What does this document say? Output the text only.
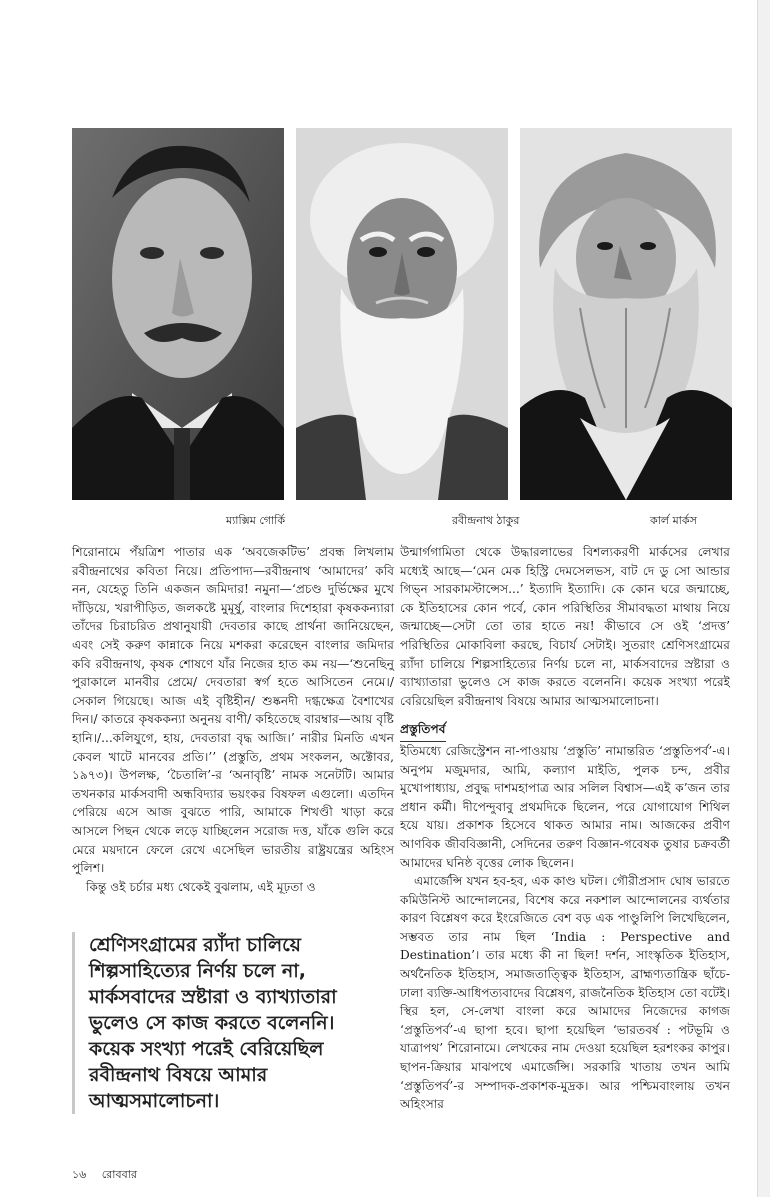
ম্যাক্সিম গোর্কি	রবীন্দ্রনাথ ঠাকুর	কার্ল মার্কস

শিরোনামে পঁয়ত্রিশ পাতার এক ‘অবজেকটিভ’ প্রবন্ধ লিখলাম রবীন্দ্রনাথের কবিতা নিয়ে। প্রতিপাদ্য—রবীন্দ্রনাথ ‘আমাদের’ কবি নন, যেহেতু তিনি একজন জমিদার! নমুনা—‘প্রচণ্ড দুর্ভিক্ষের মুখে দাঁড়িয়ে, খরাপীড়িত, জলকষ্টে মুমূর্ষু, বাংলার দিশেহারা কৃষককন্যারা তাঁদের চিরাচরিত প্রথানুযায়ী দেবতার কাছে প্রার্থনা জানিয়েছেন, এবং সেই করুণ কান্নাকে নিয়ে মশকরা করেছেন বাংলার জমিদার কবি রবীন্দ্রনাথ, কৃষক শোষণে যাঁর নিজের হাত কম নয়—‘শুনেছিনু পুরাকালে মানবীর প্রেমে/ দেবতারা স্বর্গ হতে আসিতেন নেমে।/ সেকাল গিয়েছে। আজ এই বৃষ্টিহীন/ শুষ্কনদী দগ্ধক্ষেত্র বৈশাখের দিন।/ কাতরে কৃষককন্যা অনুনয় বাণী/ কহিতেছে বারম্বার—আয় বৃষ্টি হানি।/...কলিযুগে, হায়, দেবতারা বৃদ্ধ আজি।’ নারীর মিনতি এখন কেবল খাটে মানবের প্রতি।’’ (প্রস্তুতি, প্রথম সংকলন, অক্টোবর, ১৯৭৩)। উপলক্ষ, ‘চৈতালি’-র ‘অনাবৃষ্টি’ নামক সনেটটি। আমার তখনকার মার্কসবাদী অন্ধবিদ্যার ভয়ংকর বিষফল এগুলো। এতদিন পেরিয়ে এসে আজ বুঝতে পারি, আমাকে শিখণ্ডী খাড়া করে আসলে পিছন থেকে লড়ে যাচ্ছিলেন সরোজ দত্ত, যাঁকে গুলি করে মেরে ময়দানে ফেলে রেখে এসেছিল ভারতীয় রাষ্ট্রযন্ত্রের অহিংস পুলিশ।

কিন্তু ওই চর্চার মধ্য থেকেই বুঝলাম, এই মূঢ়তা ও

শ্রেণিসংগ্রামের র‍্যাঁদা চালিয়ে
শিল্পসাহিত্যের নির্ণয় চলে না,
মার্কসবাদের স্রষ্টারা ও ব্যাখ্যাতারা
ভুলেও সে কাজ করতে বলেননি।
কয়েক সংখ্যা পরেই বেরিয়েছিল
রবীন্দ্রনাথ বিষয়ে আমার
আত্মসমালোচনা।

উন্মার্গগামিতা থেকে উদ্ধারলাভের বিশল্যকরণী মার্কসের লেখার মধ্যেই আছে—‘মেন মেক হিস্ট্রি দেমসেলভস, বাট দে ডু সো আন্ডার গিভ্‌ন সারকামস্টান্সেস...’ ইত্যাদি ইত্যাদি। কে কোন ঘরে জন্মাচ্ছে, কে ইতিহাসের কোন পর্বে, কোন পরিস্থিতির সীমাবদ্ধতা মাথায় নিয়ে জন্মাচ্ছে—সেটা তো তার হাতে নয়! কীভাবে সে ওই ‘প্রদত্ত’ পরিস্থিতির মোকাবিলা করছে, বিচার্য সেটাই। সুতরাং শ্রেণিসংগ্রামের র‍্যাঁদা চালিয়ে শিল্পসাহিত্যের নির্ণয় চলে না, মার্কসবাদের স্রষ্টারা ও ব্যাখ্যাতারা ভুলেও সে কাজ করতে বলেননি। কয়েক সংখ্যা পরেই বেরিয়েছিল রবীন্দ্রনাথ বিষয়ে আমার আত্মসমালোচনা।

প্রস্তুতিপর্ব

ইতিমধ্যে রেজিস্ট্রেশন না-পাওয়ায় ‘প্রস্তুতি’ নামান্তরিত ‘প্রস্তুতিপর্ব’-এ। অনুপম মজুমদার, আমি, কল্যাণ মাইতি, পুলক চন্দ, প্রবীর মুখোপাধ্যায়, প্রবুদ্ধ দাশমহাপাত্র আর সলিল বিশ্বাস—এই ক’জন তার প্রধান কর্মী। দীপেন্দুবাবু প্রথমদিকে ছিলেন, পরে যোগাযোগ শিথিল হয়ে যায়। প্রকাশক হিসেবে থাকত আমার নাম। আজকের প্রবীণ আণবিক জীববিজ্ঞানী, সেদিনের তরুণ বিজ্ঞান-গবেষক তুষার চক্রবর্তী আমাদের ঘনিষ্ঠ বৃত্তের লোক ছিলেন।

এমার্জেন্সি যখন হব-হব, এক কাণ্ড ঘটল। গৌরীপ্রসাদ ঘোষ ভারতে কমিউনিস্ট আন্দোলনের, বিশেষ করে নকশাল আন্দোলনের ব্যর্থতার কারণ বিশ্লেষণ করে ইংরেজিতে বেশ বড় এক পাণ্ডুলিপি লিখেছিলেন, সম্ভবত তার নাম ছিল ‘India : Perspective and Destination’। তার মধ্যে কী না ছিল! দর্শন, সাংস্কৃতিক ইতিহাস, অর্থনৈতিক ইতিহাস, সমাজতাত্ত্বিক ইতিহাস, ব্রাহ্মণ্যতান্ত্রিক ছাঁচে-ঢালা ব্যক্তি-আধিপত্যবাদের বিশ্লেষণ, রাজনৈতিক ইতিহাস তো বটেই। স্থির হল, সে-লেখা বাংলা করে আমাদের নিজেদের কাগজ ‘প্রস্তুতিপর্ব’-এ ছাপা হবে। ছাপা হয়েছিল ‘ভারতবর্ষ : পটভূমি ও যাত্রাপথ’ শিরোনামে। লেখকের নাম দেওয়া হয়েছিল হরশংকর কাপুর। ছাপন-ক্রিয়ার মাঝপথে এমার্জেন্সি। সরকারি খাতায় তখন আমি ‘প্রস্তুতিপর্ব’-র সম্পাদক-প্রকাশক-মুদ্রক। আর পশ্চিমবাংলায় তখন অহিংসার

১৬ রোববার
